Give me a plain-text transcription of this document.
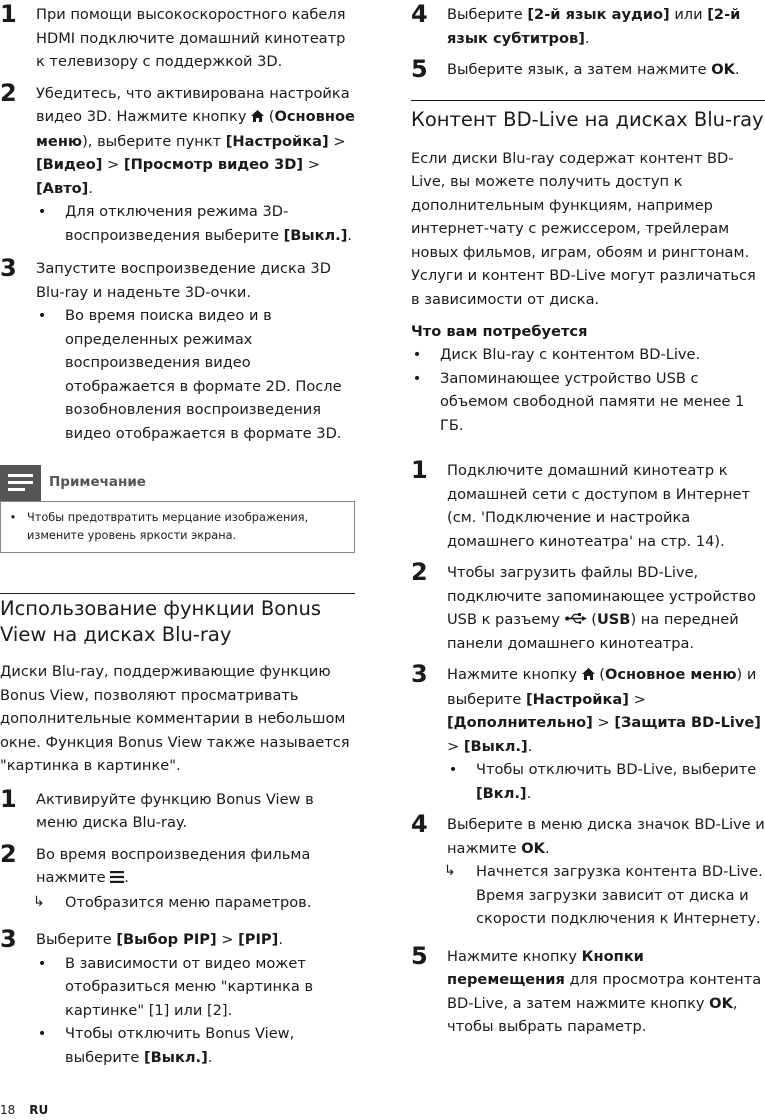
1 При помощи высокоскоростного кабеля HDMI подключите домашний кинотеатр к телевизору с поддержкой 3D.
2 Убедитесь, что активирована настройка видео 3D. Нажмите кнопку  (Основное меню), выберите пункт [Настройка] > [Видео] > [Просмотр видео 3D] > [Авто].
• Для отключения режима 3D-воспроизведения выберите [Выкл.].
3 Запустите воспроизведение диска 3D Blu-ray и наденьте 3D-очки.
• Во время поиска видео и в определенных режимах воспроизведения видео отображается в формате 2D. После возобновления воспроизведения видео отображается в формате 3D.
Примечание
• Чтобы предотвратить мерцание изображения, измените уровень яркости экрана.
Использование функции Bonus View на дисках Blu-ray
Диски Blu-ray, поддерживающие функцию Bonus View, позволяют просматривать дополнительные комментарии в небольшом окне. Функция Bonus View также называется "картинка в картинке".
1 Активируйте функцию Bonus View в меню диска Blu-ray.
2 Во время воспроизведения фильма нажмите .
↳ Отобразится меню параметров.
3 Выберите [Выбор PIP] > [PIP].
• В зависимости от видео может отобразиться меню "картинка в картинке" [1] или [2].
• Чтобы отключить Bonus View, выберите [Выкл.].
4 Выберите [2-й язык аудио] или [2-й язык субтитров].
5 Выберите язык, а затем нажмите OK.
Контент BD-Live на дисках Blu-ray
Если диски Blu-ray содержат контент BD-Live, вы можете получить доступ к дополнительным функциям, например интернет-чату с режиссером, трейлерам новых фильмов, играм, обоям и рингтонам. Услуги и контент BD-Live могут различаться в зависимости от диска.
Что вам потребуется
• Диск Blu-ray с контентом BD-Live.
• Запоминающее устройство USB с объемом свободной памяти не менее 1 ГБ.
1 Подключите домашний кинотеатр к домашней сети с доступом в Интернет (см. 'Подключение и настройка домашнего кинотеатра' на стр. 14).
2 Чтобы загрузить файлы BD-Live, подключите запоминающее устройство USB к разъему  (USB) на передней панели домашнего кинотеатра.
3 Нажмите кнопку  (Основное меню) и выберите [Настройка] > [Дополнительно] > [Защита BD-Live] > [Выкл.].
• Чтобы отключить BD-Live, выберите [Вкл.].
4 Выберите в меню диска значок BD-Live и нажмите OK.
↳ Начнется загрузка контента BD-Live. Время загрузки зависит от диска и скорости подключения к Интернету.
5 Нажмите кнопку Кнопки перемещения для просмотра контента BD-Live, а затем нажмите кнопку OK, чтобы выбрать параметр.
18 RU
